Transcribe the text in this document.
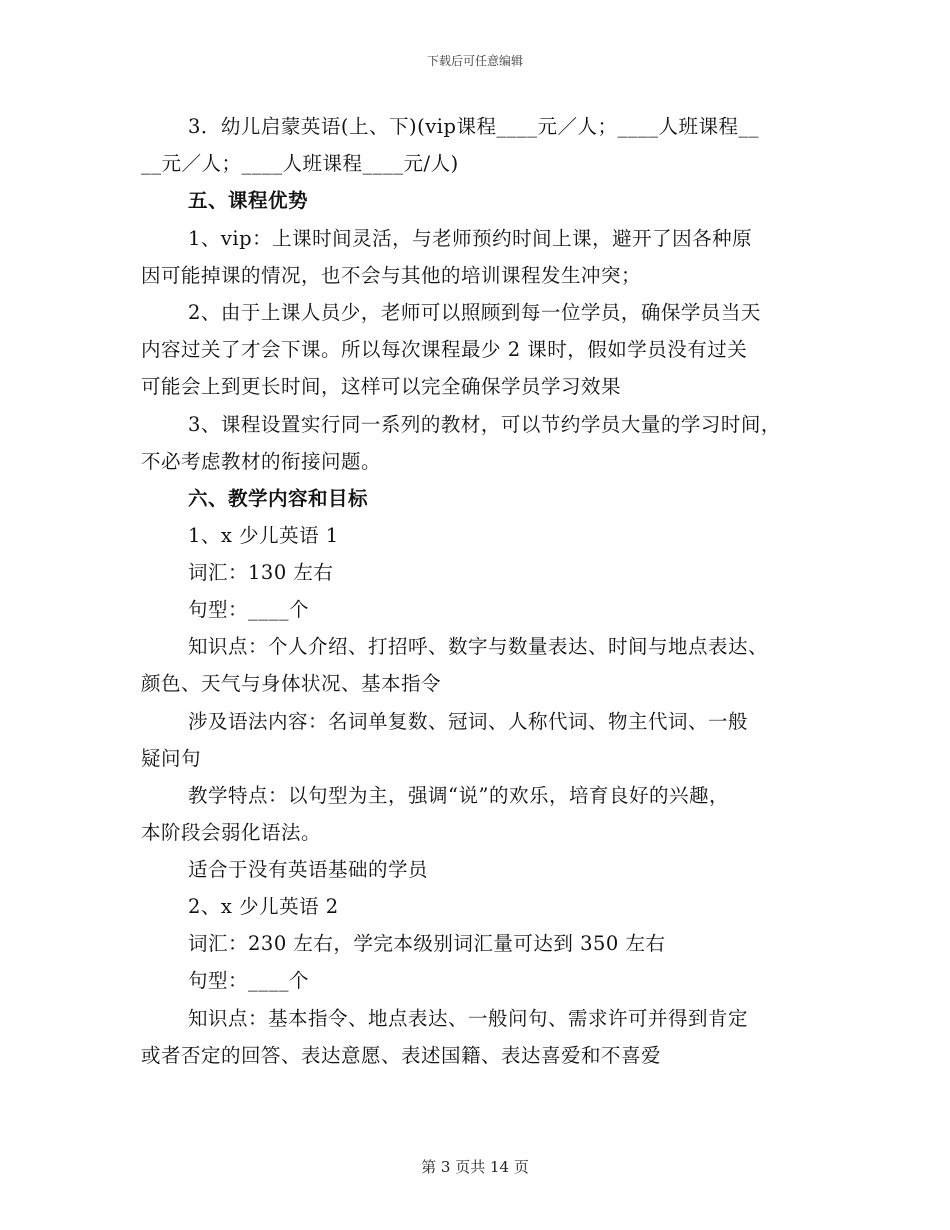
下载后可任意编辑
3．幼儿启蒙英语(上、下)(vip课程____元／人；____人班课程__
__元／人；____人班课程____元/人)
五、课程优势
1、vip：上课时间灵活，与老师预约时间上课，避开了因各种原
因可能掉课的情况，也不会与其他的培训课程发生冲突；
2、由于上课人员少，老师可以照顾到每一位学员，确保学员当天
内容过关了才会下课。所以每次课程最少 2 课时，假如学员没有过关
可能会上到更长时间，这样可以完全确保学员学习效果
3、课程设置实行同一系列的教材，可以节约学员大量的学习时间，
不必考虑教材的衔接问题。
六、教学内容和目标
1、x 少儿英语 1
词汇：130 左右
句型：____个
知识点：个人介绍、打招呼、数字与数量表达、时间与地点表达、
颜色、天气与身体状况、基本指令
涉及语法内容：名词单复数、冠词、人称代词、物主代词、一般
疑问句
教学特点：以句型为主，强调“说”的欢乐，培育良好的兴趣，
本阶段会弱化语法。
适合于没有英语基础的学员
2、x 少儿英语 2
词汇：230 左右，学完本级别词汇量可达到 350 左右
句型：____个
知识点：基本指令、地点表达、一般问句、需求许可并得到肯定
或者否定的回答、表达意愿、表述国籍、表达喜爱和不喜爱
第 3 页共 14 页
